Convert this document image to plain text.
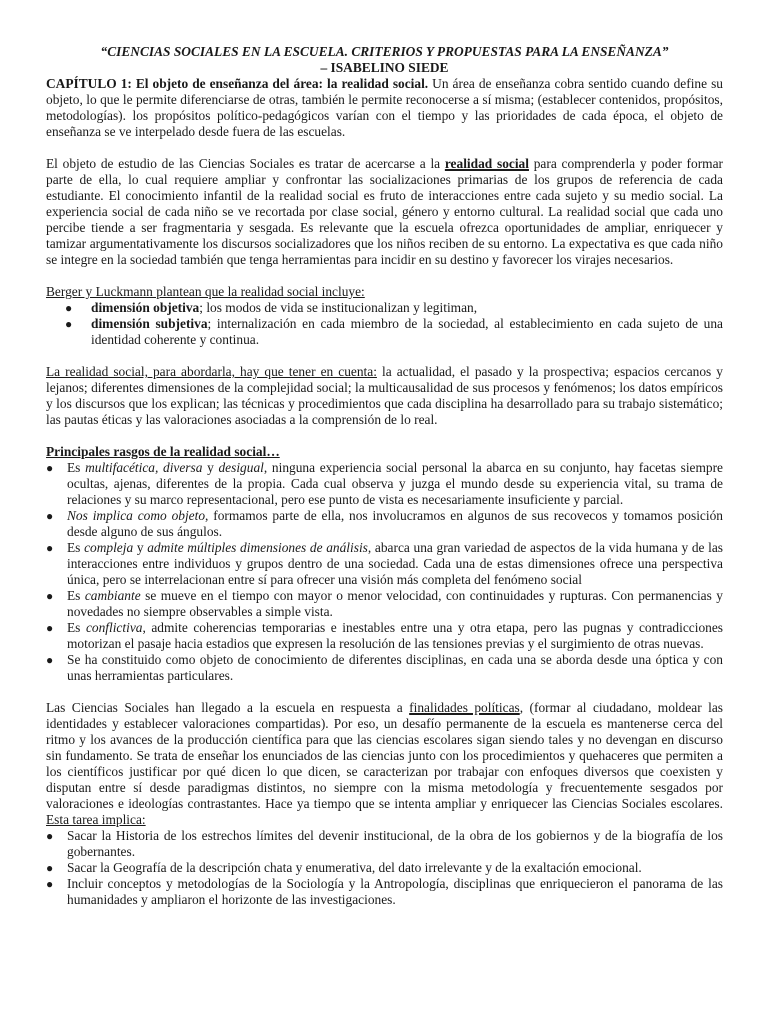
“CIENCIAS SOCIALES EN LA ESCUELA. CRITERIOS Y PROPUESTAS PARA LA ENSEÑANZA”
– ISABELINO SIEDE

CAPÍTULO 1: El objeto de enseñanza del área: la realidad social. Un área de enseñanza cobra sentido cuando define su objeto, lo que le permite diferenciarse de otras, también le permite reconocerse a sí misma; (establecer contenidos, propósitos, metodologías). los propósitos político-pedagógicos varían con el tiempo y las prioridades de cada época, el objeto de enseñanza se ve interpelado desde fuera de las escuelas.

El objeto de estudio de las Ciencias Sociales es tratar de acercarse a la realidad social para comprenderla y poder formar parte de ella, lo cual requiere ampliar y confrontar las socializaciones primarias de los grupos de referencia de cada estudiante. El conocimiento infantil de la realidad social es fruto de interacciones entre cada sujeto y su medio social. La experiencia social de cada niño se ve recortada por clase social, género y entorno cultural. La realidad social que cada uno percibe tiende a ser fragmentaria y sesgada. Es relevante que la escuela ofrezca oportunidades de ampliar, enriquecer y tamizar argumentativamente los discursos socializadores que los niños reciben de su entorno. La expectativa es que cada niño se integre en la sociedad también que tenga herramientas para incidir en su destino y favorecer los virajes necesarios.

Berger y Luckmann plantean que la realidad social incluye:

● dimensión objetiva; los modos de vida se institucionalizan y legitiman,
● dimensión subjetiva; internalización en cada miembro de la sociedad, al establecimiento en cada sujeto de una identidad coherente y continua.

La realidad social, para abordarla, hay que tener en cuenta: la actualidad, el pasado y la prospectiva; espacios cercanos y lejanos; diferentes dimensiones de la complejidad social; la multicausalidad de sus procesos y fenómenos; los datos empíricos y los discursos que los explican; las técnicas y procedimientos que cada disciplina ha desarrollado para su trabajo sistemático; las pautas éticas y las valoraciones asociadas a la comprensión de lo real.

Principales rasgos de la realidad social…

● Es multifacética, diversa y desigual, ninguna experiencia social personal la abarca en su conjunto, hay facetas siempre ocultas, ajenas, diferentes de la propia. Cada cual observa y juzga el mundo desde su experiencia vital, su trama de relaciones y su marco representacional, pero ese punto de vista es necesariamente insuficiente y parcial.
● Nos implica como objeto, formamos parte de ella, nos involucramos en algunos de sus recovecos y tomamos posición desde alguno de sus ángulos.
● Es compleja y admite múltiples dimensiones de análisis, abarca una gran variedad de aspectos de la vida humana y de las interacciones entre individuos y grupos dentro de una sociedad. Cada una de estas dimensiones ofrece una perspectiva única, pero se interrelacionan entre sí para ofrecer una visión más completa del fenómeno social
● Es cambiante se mueve en el tiempo con mayor o menor velocidad, con continuidades y rupturas. Con permanencias y novedades no siempre observables a simple vista.
● Es conflictiva, admite coherencias temporarias e inestables entre una y otra etapa, pero las pugnas y contradicciones motorizan el pasaje hacia estadios que expresen la resolución de las tensiones previas y el surgimiento de otras nuevas.
● Se ha constituido como objeto de conocimiento de diferentes disciplinas, en cada una se aborda desde una óptica y con unas herramientas particulares.

Las Ciencias Sociales han llegado a la escuela en respuesta a finalidades políticas, (formar al ciudadano, moldear las identidades y establecer valoraciones compartidas). Por eso, un desafío permanente de la escuela es mantenerse cerca del ritmo y los avances de la producción científica para que las ciencias escolares sigan siendo tales y no devengan en discurso sin fundamento. Se trata de enseñar los enunciados de las ciencias junto con los procedimientos y quehaceres que permiten a los científicos justificar por qué dicen lo que dicen, se caracterizan por trabajar con enfoques diversos que coexisten y disputan entre sí desde paradigmas distintos, no siempre con la misma metodología y frecuentemente sesgados por valoraciones e ideologías contrastantes. Hace ya tiempo que se intenta ampliar y enriquecer las Ciencias Sociales escolares. Esta tarea implica:

● Sacar la Historia de los estrechos límites del devenir institucional, de la obra de los gobiernos y de la biografía de los gobernantes.
● Sacar la Geografía de la descripción chata y enumerativa, del dato irrelevante y de la exaltación emocional.
● Incluir conceptos y metodologías de la Sociología y la Antropología, disciplinas que enriquecieron el panorama de las humanidades y ampliaron el horizonte de las investigaciones.
